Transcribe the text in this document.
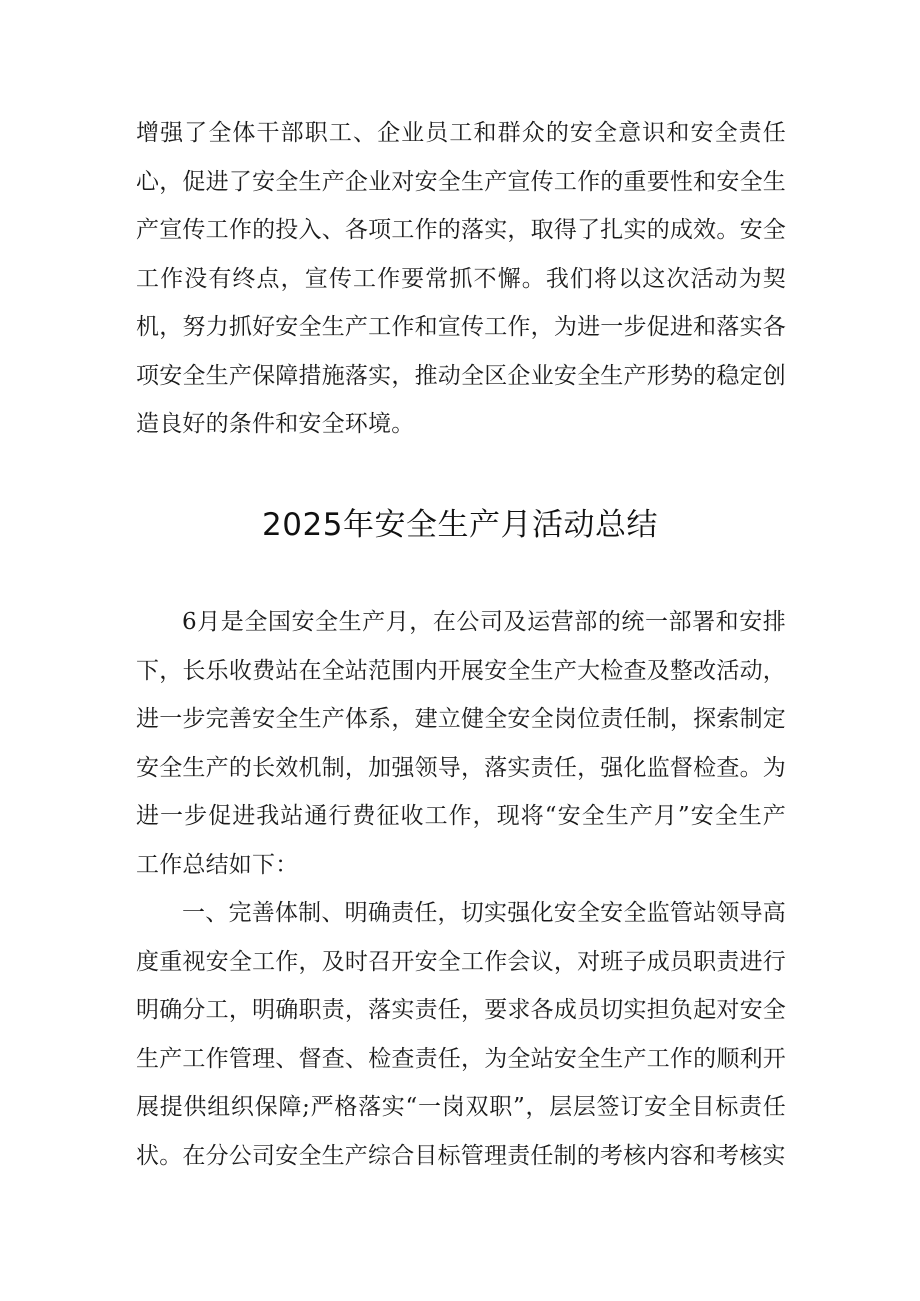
增强了全体干部职工、企业员工和群众的安全意识和安全责任心，促进了安全生产企业对安全生产宣传工作的重要性和安全生产宣传工作的投入、各项工作的落实，取得了扎实的成效。安全工作没有终点，宣传工作要常抓不懈。我们将以这次活动为契机，努力抓好安全生产工作和宣传工作，为进一步促进和落实各项安全生产保障措施落实，推动全区企业安全生产形势的稳定创造良好的条件和安全环境。

2025年安全生产月活动总结

6月是全国安全生产月，在公司及运营部的统一部署和安排下，长乐收费站在全站范围内开展安全生产大检查及整改活动，进一步完善安全生产体系，建立健全安全岗位责任制，探索制定安全生产的长效机制，加强领导，落实责任，强化监督检查。为进一步促进我站通行费征收工作，现将“安全生产月”安全生产工作总结如下：

一、完善体制、明确责任，切实强化安全安全监管站领导高度重视安全工作，及时召开安全工作会议，对班子成员职责进行明确分工，明确职责，落实责任，要求各成员切实担负起对安全生产工作管理、督查、检查责任，为全站安全生产工作的顺利开展提供组织保障;严格落实“一岗双职”，层层签订安全目标责任状。在分公司安全生产综合目标管理责任制的考核内容和考核实
